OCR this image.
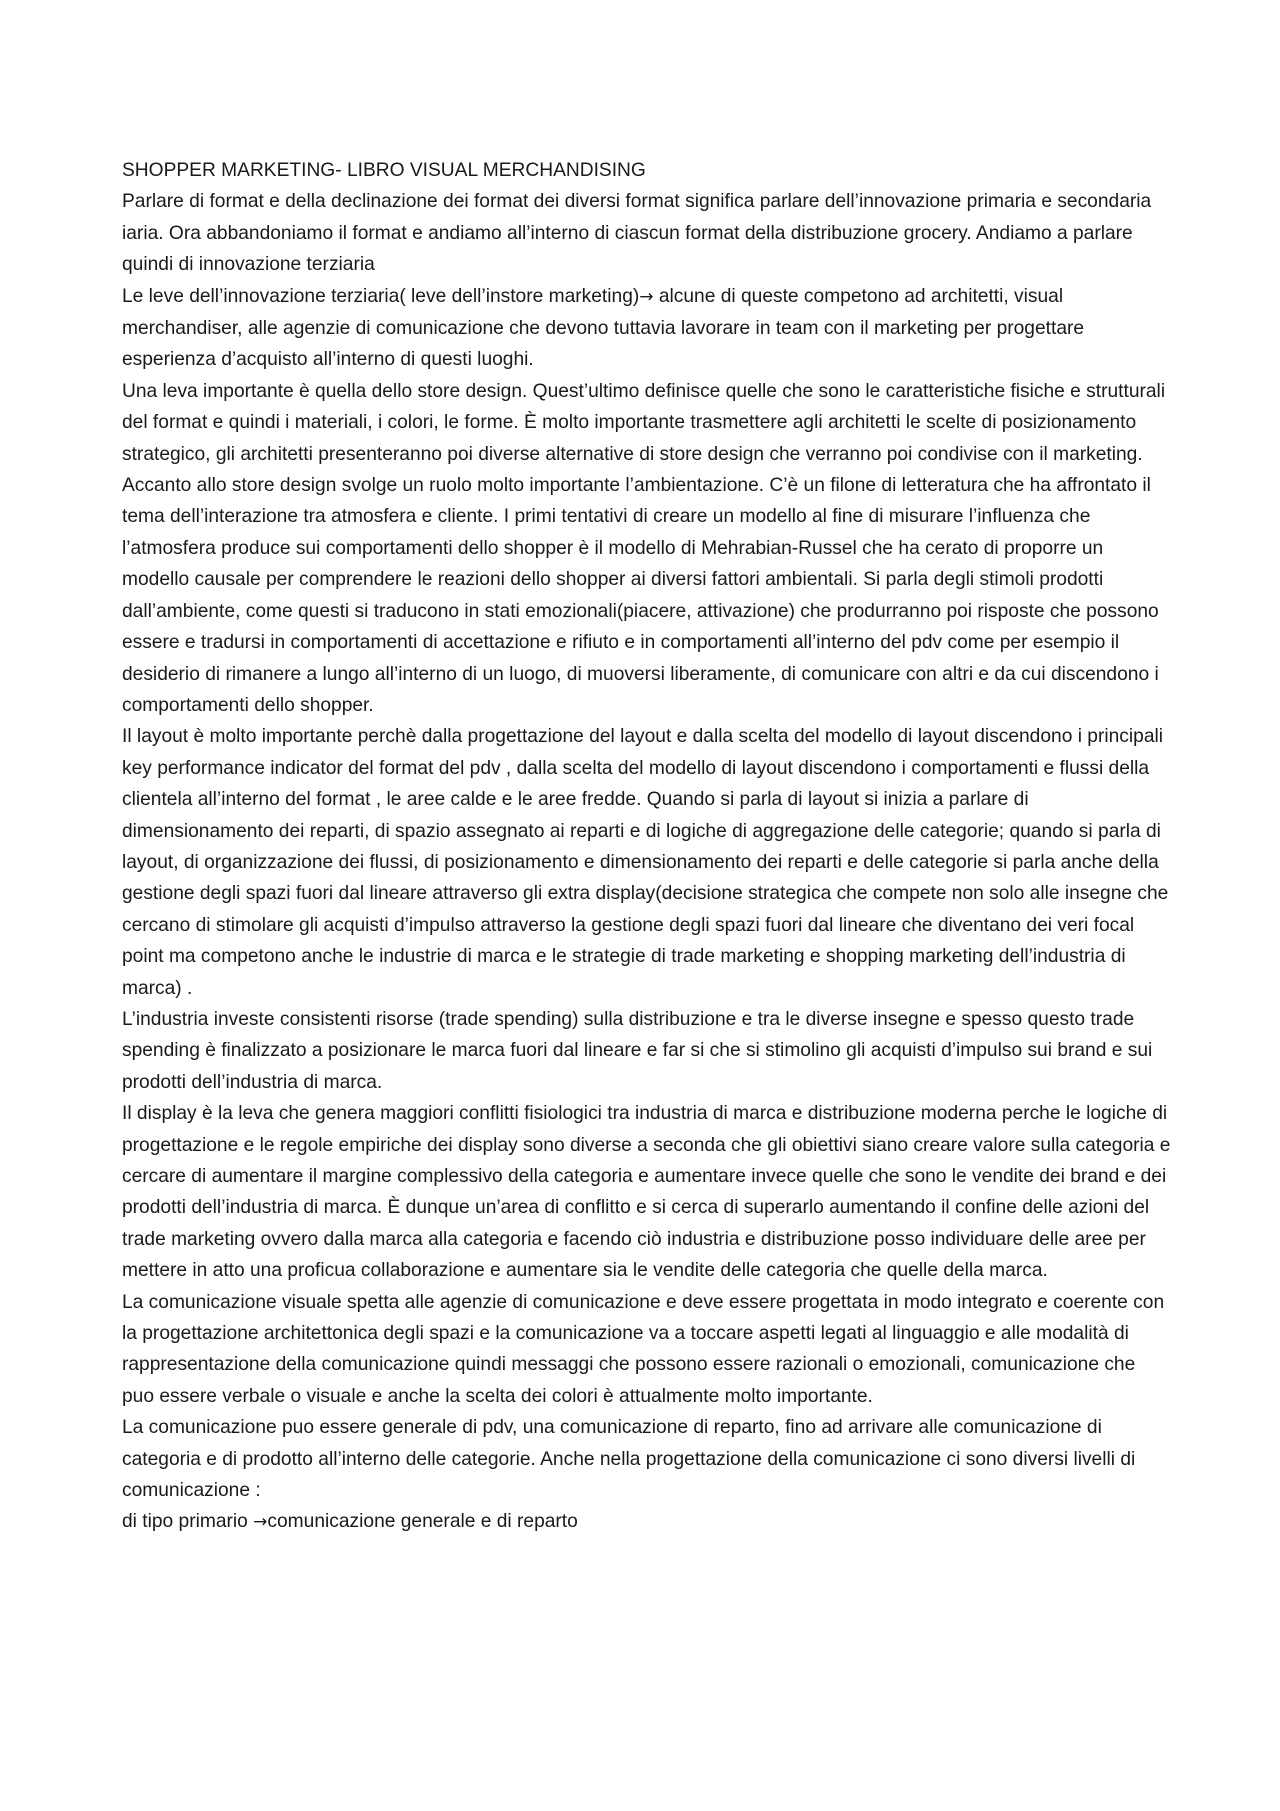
SHOPPER MARKETING- LIBRO VISUAL MERCHANDISING

Parlare di format e della declinazione dei format dei diversi format significa parlare dell’innovazione primaria e secondaria iaria. Ora abbandoniamo il format e andiamo all’interno di ciascun format della distribuzione grocery. Andiamo a parlare quindi di innovazione terziaria

Le leve dell’innovazione terziaria( leve dell’instore marketing)→ alcune di queste competono ad architetti, visual merchandiser, alle agenzie di comunicazione che devono tuttavia lavorare in team con il marketing per progettare esperienza d’acquisto all’interno di questi luoghi.

Una leva importante è quella dello store design. Quest’ultimo definisce quelle che sono le caratteristiche fisiche e strutturali del format e quindi i materiali, i colori, le forme. È molto importante trasmettere agli architetti le scelte di posizionamento strategico, gli architetti presenteranno poi diverse alternative di store design che verranno poi condivise con il marketing.

Accanto allo store design svolge un ruolo molto importante l’ambientazione. C’è un filone di letteratura che ha affrontato il tema dell’interazione tra atmosfera e cliente. I primi tentativi di creare un modello al fine di misurare l’influenza che l’atmosfera produce sui comportamenti dello shopper è il modello di Mehrabian-Russel che ha cerato di proporre un modello causale per comprendere le reazioni dello shopper ai diversi fattori ambientali. Si parla degli stimoli prodotti dall’ambiente, come questi si traducono in stati emozionali(piacere, attivazione) che produrranno poi risposte che possono essere e tradursi in comportamenti di accettazione e rifiuto e in comportamenti all’interno del pdv come per esempio il desiderio di rimanere a lungo all’interno di un luogo, di muoversi liberamente, di comunicare con altri e da cui discendono i comportamenti dello shopper.

Il layout è molto importante perchè dalla progettazione del layout e dalla scelta del modello di layout discendono i principali key performance indicator del format del pdv , dalla scelta del modello di layout discendono i comportamenti e flussi della clientela all’interno del format , le aree calde e le aree fredde. Quando si parla di layout si inizia a parlare di dimensionamento dei reparti, di spazio assegnato ai reparti e di logiche di aggregazione delle categorie; quando si parla di layout, di organizzazione dei flussi, di posizionamento e dimensionamento dei reparti e delle categorie si parla anche della gestione degli spazi fuori dal lineare attraverso gli extra display(decisione strategica che compete non solo alle insegne che cercano di stimolare gli acquisti d’impulso attraverso la gestione degli spazi fuori dal lineare che diventano dei veri focal point ma competono anche le industrie di marca e le strategie di trade marketing e shopping marketing dell’industria di marca) .

L’industria investe consistenti risorse (trade spending) sulla distribuzione e tra le diverse insegne e spesso questo trade spending è finalizzato a posizionare le marca fuori dal lineare e far si che si stimolino gli acquisti d’impulso sui brand e sui prodotti dell’industria di marca.

Il display è la leva che genera maggiori conflitti fisiologici tra industria di marca e distribuzione moderna perche le logiche di progettazione e le regole empiriche dei display sono diverse a seconda che gli obiettivi siano creare valore sulla categoria e cercare di aumentare il margine complessivo della categoria e aumentare invece quelle che sono le vendite dei brand e dei prodotti dell’industria di marca. È dunque un’area di conflitto e si cerca di superarlo aumentando il confine delle azioni del trade marketing ovvero dalla marca alla categoria e facendo ciò industria e distribuzione posso individuare delle aree per mettere in atto una proficua collaborazione e aumentare sia le vendite delle categoria che quelle della marca.

La comunicazione visuale spetta alle agenzie di comunicazione e deve essere progettata in modo integrato e coerente con la progettazione architettonica degli spazi e la comunicazione va a toccare aspetti legati al linguaggio e alle modalità di rappresentazione della comunicazione quindi messaggi che possono essere razionali o emozionali, comunicazione che puo essere verbale o visuale e anche la scelta dei colori è attualmente molto importante.

La comunicazione puo essere generale di pdv, una comunicazione di reparto, fino ad arrivare alle comunicazione di categoria e di prodotto all’interno delle categorie. Anche nella progettazione della comunicazione ci sono diversi livelli di comunicazione :

di tipo primario →comunicazione generale e di reparto
